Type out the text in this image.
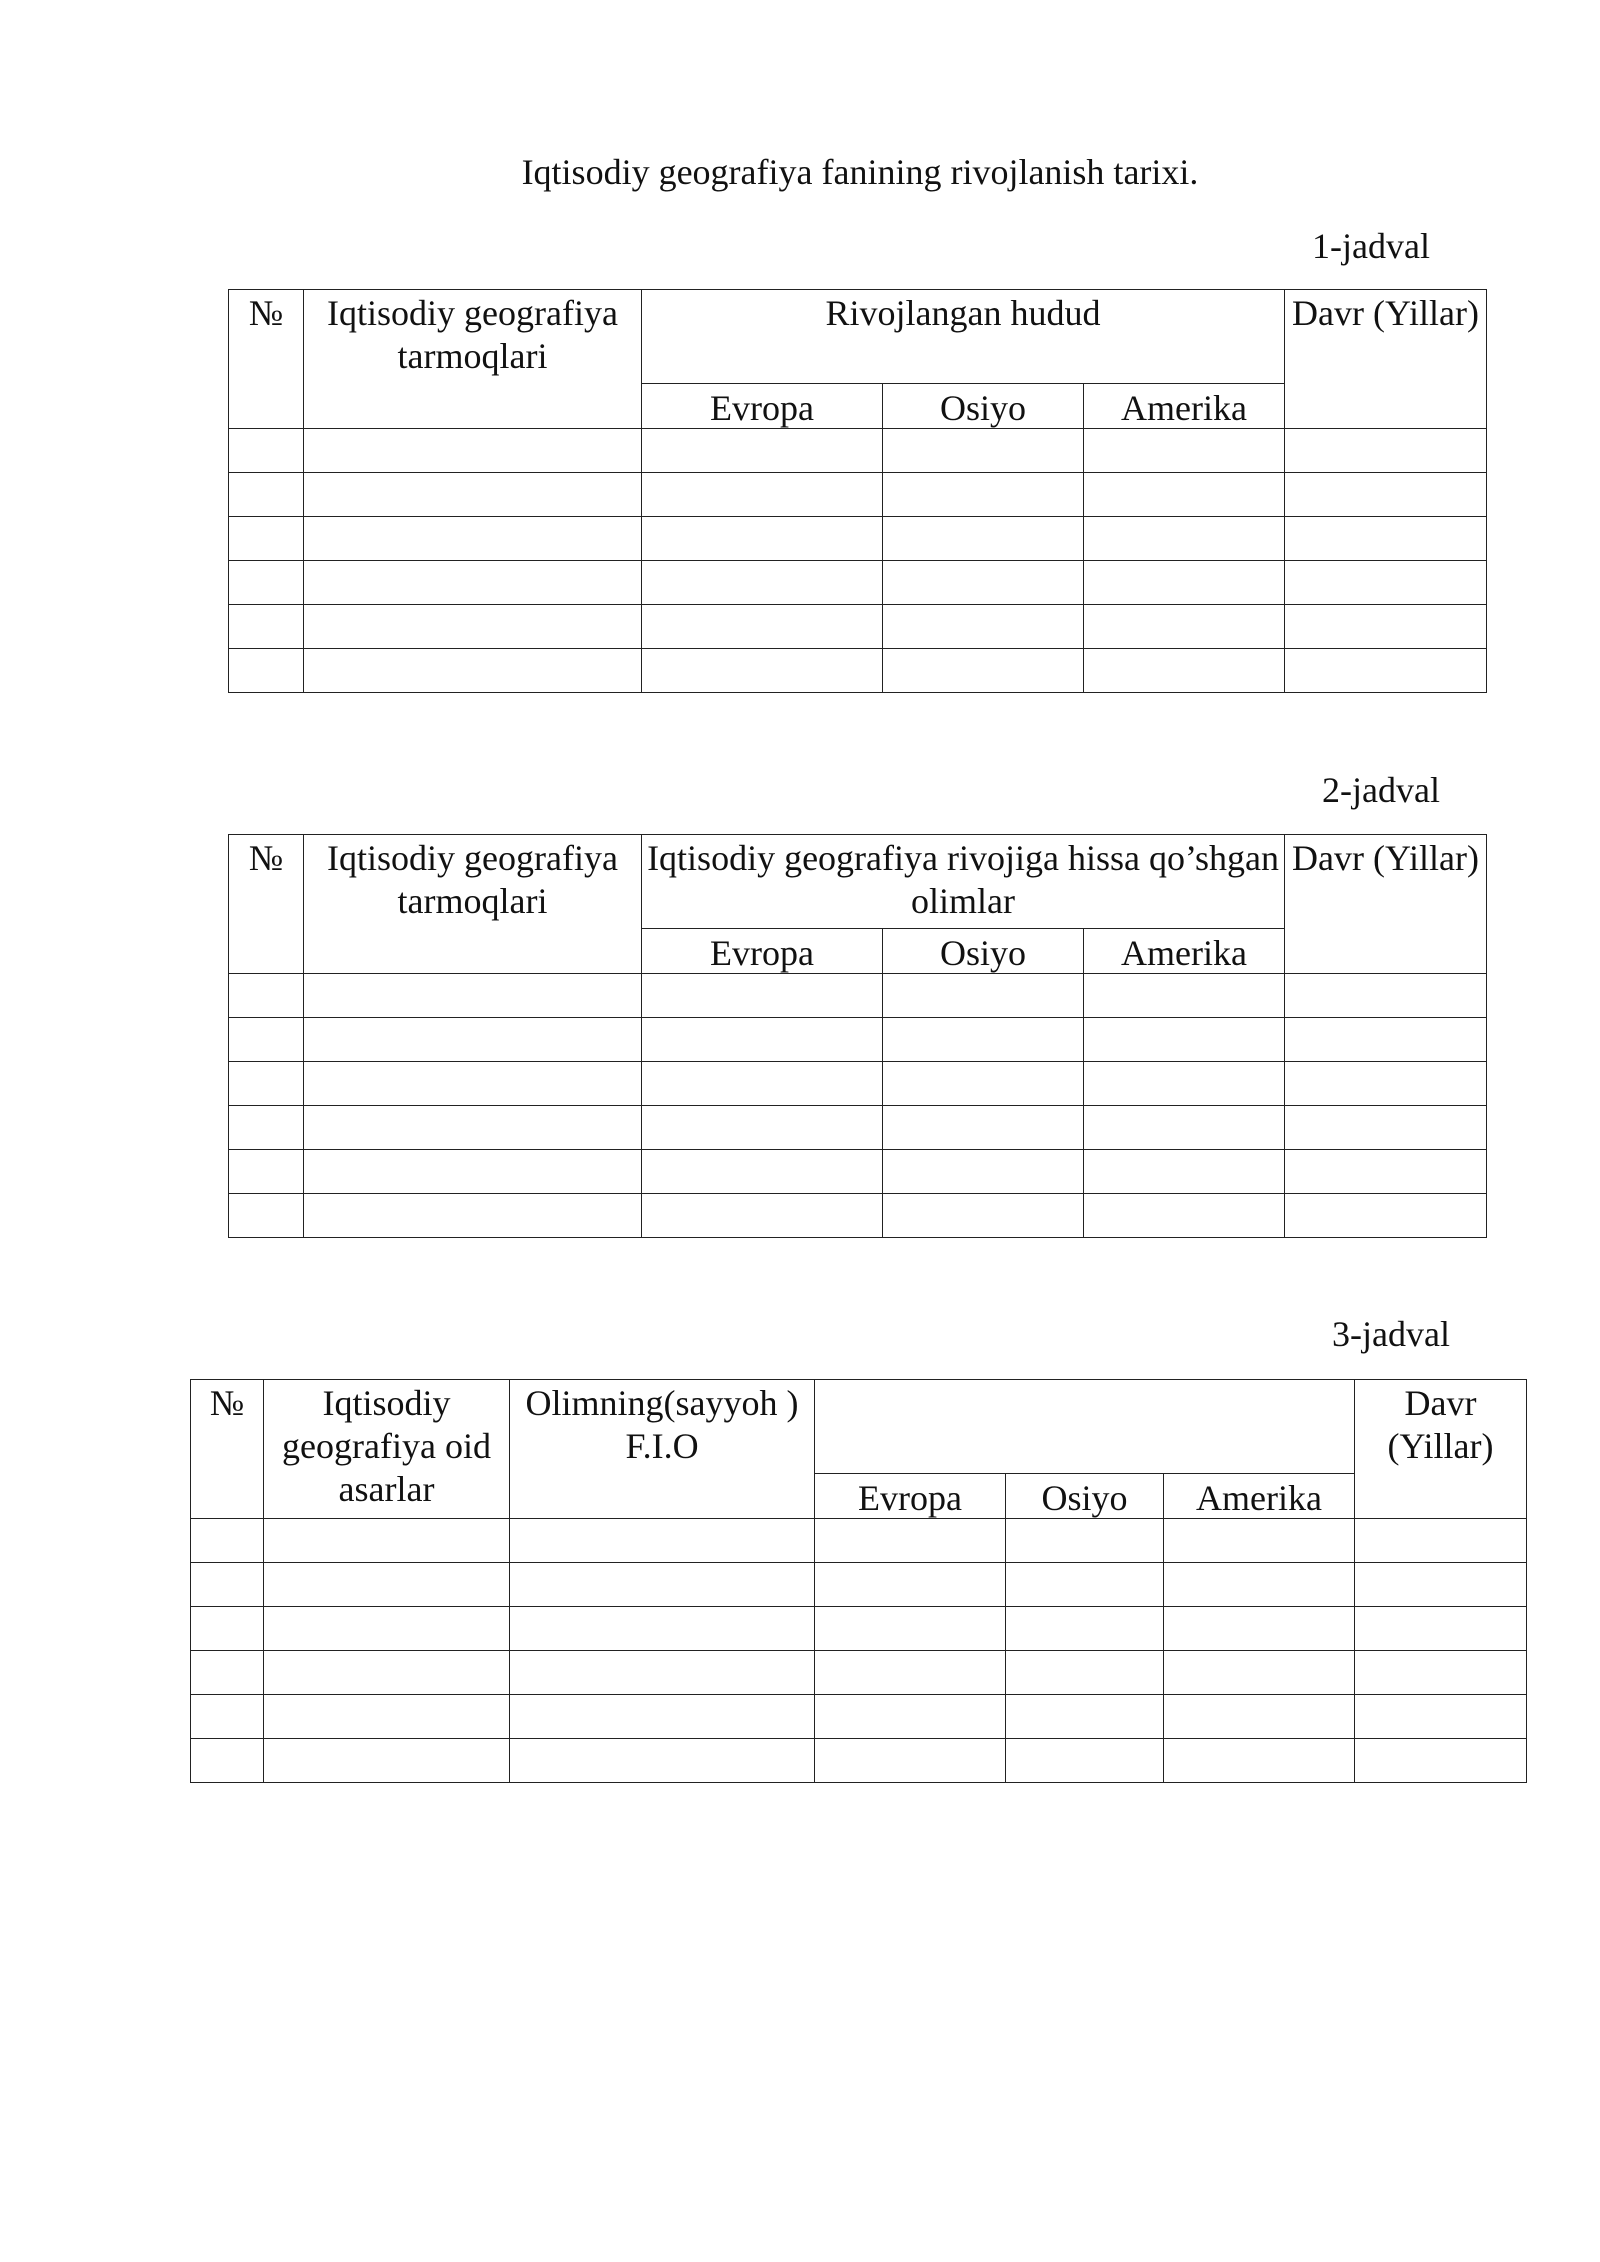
Iqtisodiy geografiya fanining rivojlanish tarixi.
1-jadval
№	Iqtisodiy geografiya tarmoqlari	Rivojlangan hudud			Davr (Yillar)
		Evropa	Osiyo	Amerika	

2-jadval
№	Iqtisodiy geografiya tarmoqlari	Iqtisodiy geografiya rivojiga hissa qo’shgan olimlar			Davr (Yillar)
		Evropa	Osiyo	Amerika	

3-jadval
№	Iqtisodiy geografiya oid asarlar	Olimning(sayyoh ) F.I.O				Davr (Yillar)
			Evropa	Osiyo	Amerika	
